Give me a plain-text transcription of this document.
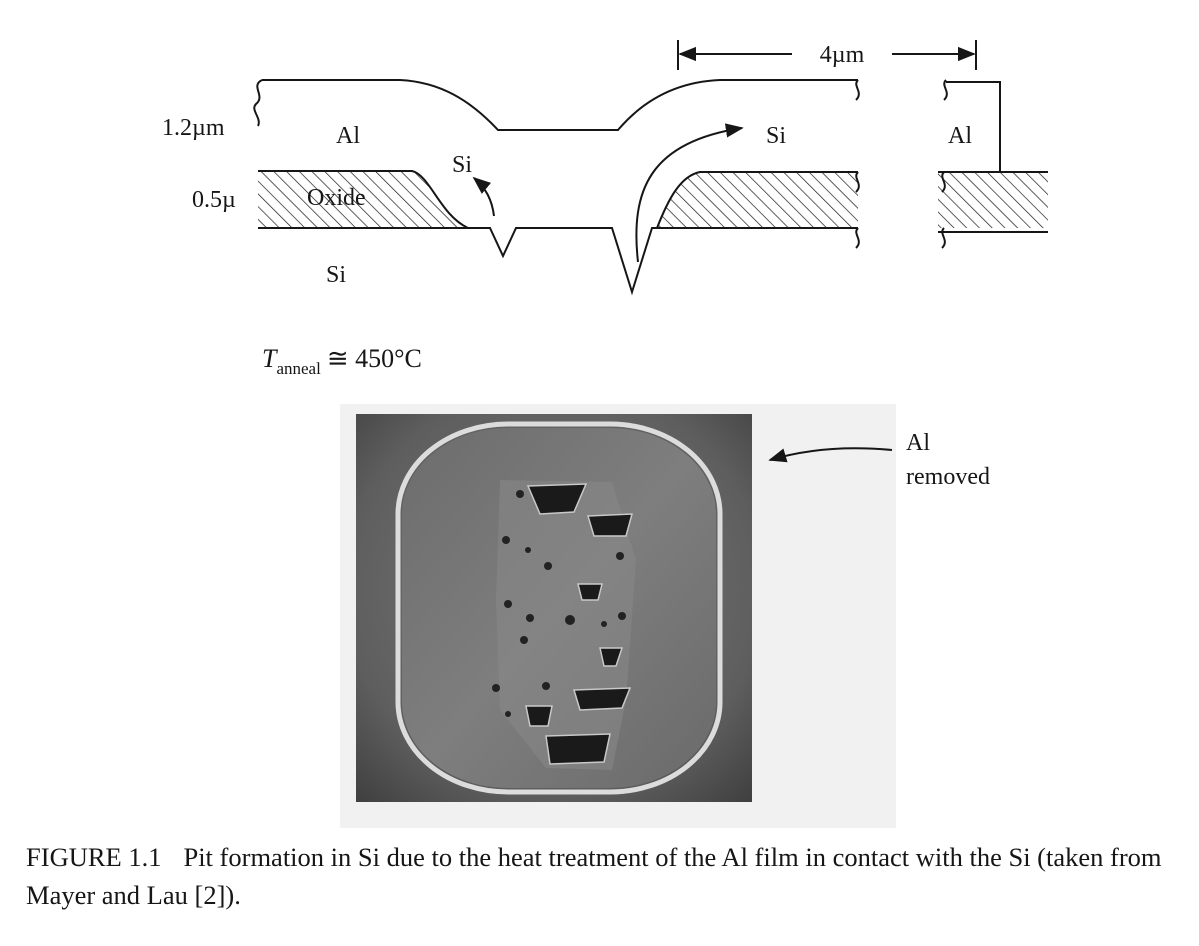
4µm
1.2µm
0.5µ
Al	Al
Oxide
Si
Si
Si
$T_{anneal}$ ≅ 450°C
Al
removed
FIGURE 1.1 Pit formation in Si due to the heat treatment of the Al film in contact with the Si (taken from Mayer and Lau [2]).
